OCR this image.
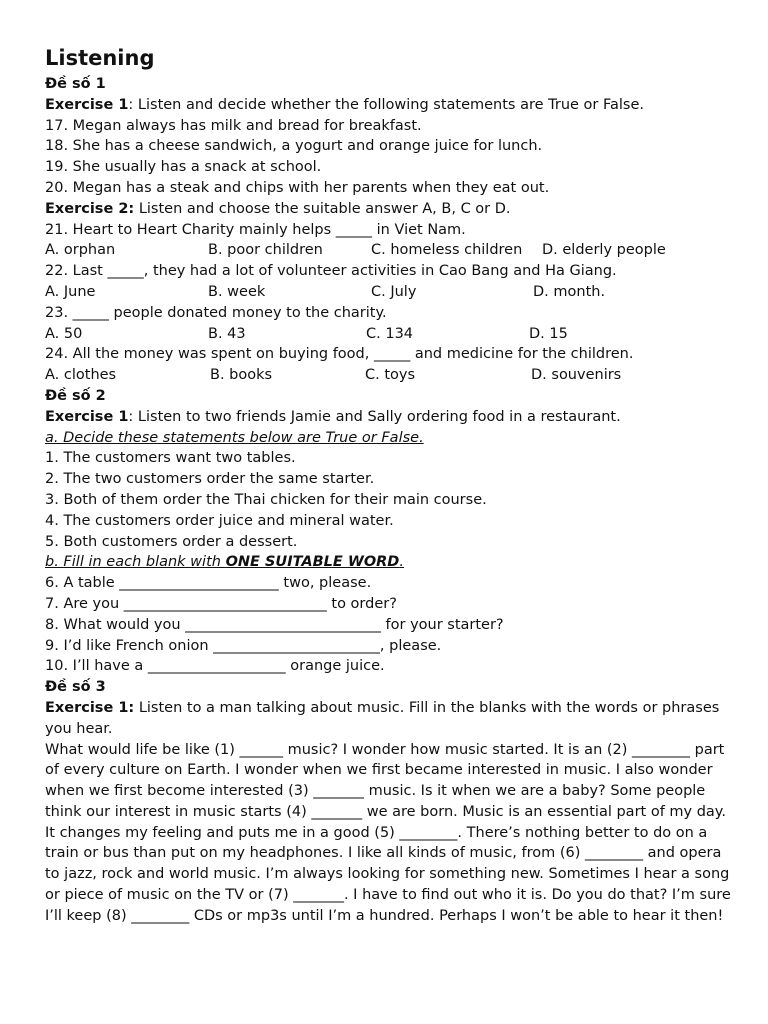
Listening
Đề số 1
Exercise 1: Listen and decide whether the following statements are True or False.
17. Megan always has milk and bread for breakfast.
18. She has a cheese sandwich, a yogurt and orange juice for lunch.
19. She usually has a snack at school.
20. Megan has a steak and chips with her parents when they eat out.
Exercise 2: Listen and choose the suitable answer A, B, C or D.
21. Heart to Heart Charity mainly helps _____ in Viet Nam.
A. orphan	B. poor children	C. homeless children	D. elderly people
22. Last _____, they had a lot of volunteer activities in Cao Bang and Ha Giang.
A. June	B. week	C. July	D. month.
23. _____ people donated money to the charity.
A. 50	B. 43	C. 134	D. 15
24. All the money was spent on buying food, _____ and medicine for the children.
A. clothes	B. books	C. toys	D. souvenirs
Đề số 2
Exercise 1: Listen to two friends Jamie and Sally ordering food in a restaurant.
a. Decide these statements below are True or False.
1. The customers want two tables.
2. The two customers order the same starter.
3. Both of them order the Thai chicken for their main course.
4. The customers order juice and mineral water.
5. Both customers order a dessert.
b. Fill in each blank with ONE SUITABLE WORD.
6. A table ______________________ two, please.
7. Are you ____________________________ to order?
8. What would you ___________________________ for your starter?
9. I’d like French onion _______________________, please.
10. I’ll have a ___________________ orange juice.
Đề số 3
Exercise 1: Listen to a man talking about music. Fill in the blanks with the words or phrases you hear.
What would life be like (1) ______ music? I wonder how music started. It is an (2) ________ part of every culture on Earth. I wonder when we first became interested in music. I also wonder when we first become interested (3) _______ music. Is it when we are a baby? Some people think our interest in music starts (4) _______ we are born. Music is an essential part of my day. It changes my feeling and puts me in a good (5) ________. There’s nothing better to do on a train or bus than put on my headphones. I like all kinds of music, from (6) ________ and opera to jazz, rock and world music. I’m always looking for something new. Sometimes I hear a song or piece of music on the TV or (7) _______. I have to find out who it is. Do you do that? I’m sure I’ll keep (8) ________ CDs or mp3s until I’m a hundred. Perhaps I won’t be able to hear it then!
